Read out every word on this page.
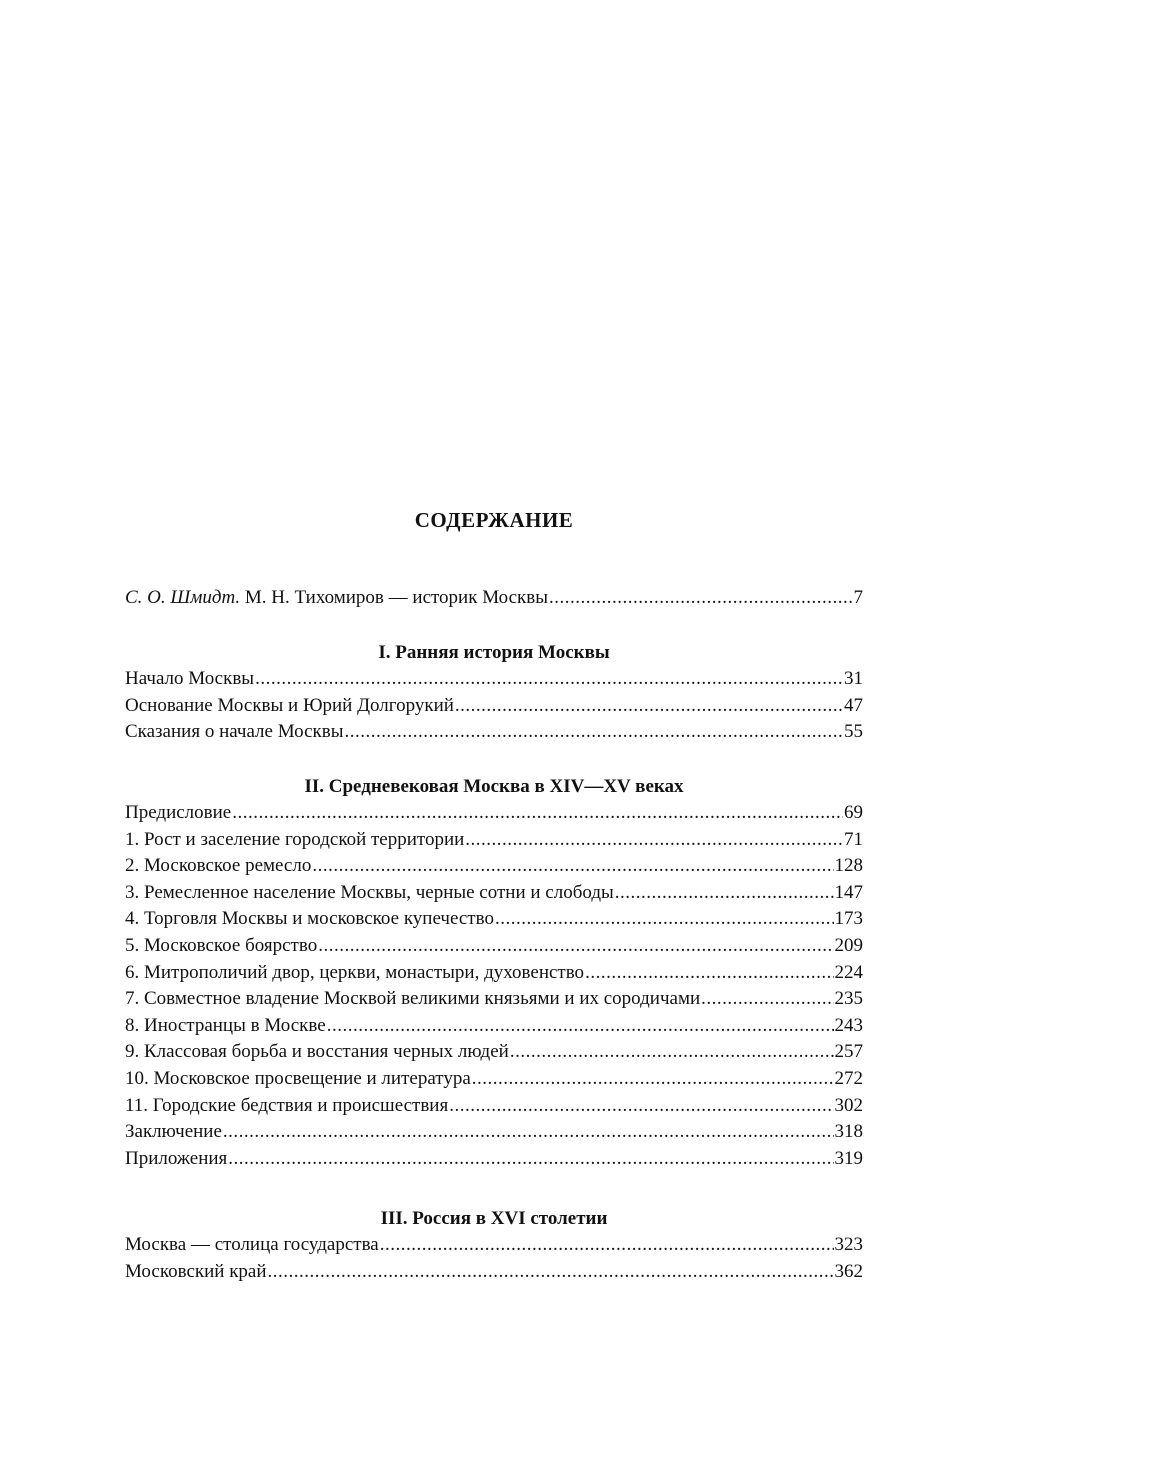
СОДЕРЖАНИЕ
С. О. Шмидт. М. Н. Тихомиров — историк Москвы .....	7
I. Ранняя история Москвы
Начало Москвы .....	31
Основание Москвы и Юрий Долгорукий .....	47
Сказания о начале Москвы .....	55
II. Средневековая Москва в XIV—XV веках
Предисловие .....	69
1. Рост и заселение городской территории .....	71
2. Московское ремесло .....	128
3. Ремесленное население Москвы, черные сотни и слободы .....	147
4. Торговля Москвы и московское купечество .....	173
5. Московское боярство .....	209
6. Митрополичий двор, церкви, монастыри, духовенство .....	224
7. Совместное владение Москвой великими князьями и их сородичами .....	235
8. Иностранцы в Москве .....	243
9. Классовая борьба и восстания черных людей .....	257
10. Московское просвещение и литература .....	272
11. Городские бедствия и происшествия .....	302
Заключение .....	318
Приложения .....	319
III. Россия в XVI столетии
Москва — столица государства .....	323
Московский край .....	362
